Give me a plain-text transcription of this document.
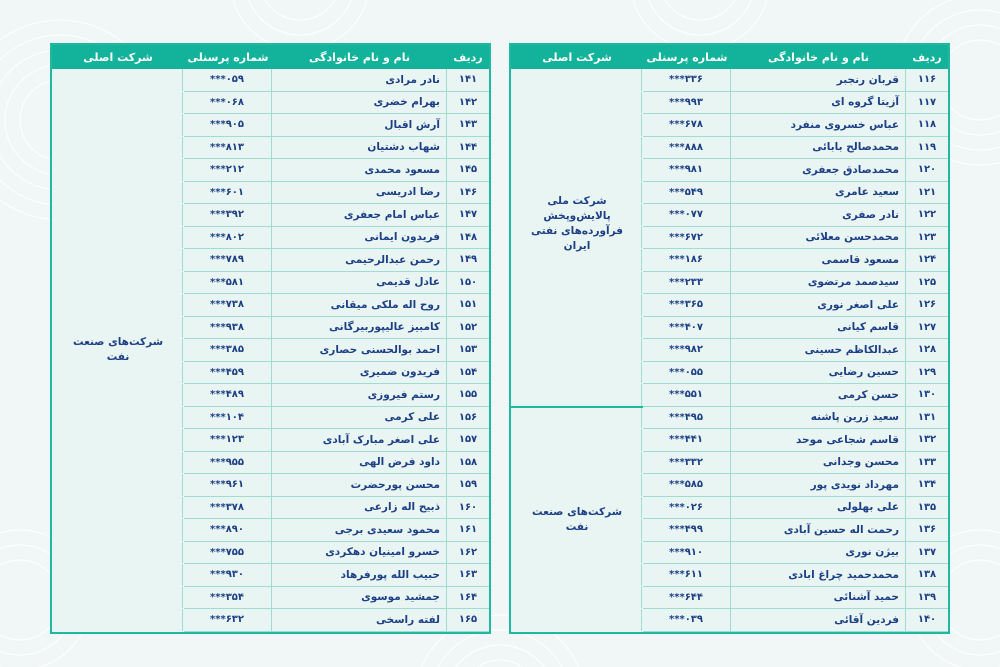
ردیف
نام و نام خانوادگی
شماره پرسنلی
شرکت اصلی
۱۱۶
قربان رنجبر
***۳۳۶
۱۱۷
آزیتا گروه ای
***۹۹۳
۱۱۸
عباس خسروی منفرد
***۶۷۸
۱۱۹
محمدصالح بابائی
***۸۸۸
۱۲۰
محمدصادق جعفری
***۹۸۱
۱۲۱
سعید عامری
***۵۴۹
۱۲۲
نادر صفری
***۰۷۷
۱۲۳
محمدحسن معلائی
***۶۷۲
۱۲۴
مسعود قاسمی
***۱۸۶
۱۲۵
سیدصمد مرتضوی
***۲۳۳
۱۲۶
علی اصغر نوری
***۳۶۵
۱۲۷
قاسم کیانی
***۴۰۷
۱۲۸
عبدالکاظم حسینی
***۹۸۲
۱۲۹
حسین رضایی
***۰۵۵
۱۳۰
حسن کرمی
***۵۵۱
۱۳۱
سعید زرین پاشنه
***۴۹۵
۱۳۲
قاسم شجاعی موحد
***۴۴۱
۱۳۳
محسن وجدانی
***۳۳۲
۱۳۴
مهرداد نویدی پور
***۵۸۵
۱۳۵
علی بهلولی
***۰۲۶
۱۳۶
رحمت اله حسین آبادی
***۴۹۹
۱۳۷
بیژن نوری
***۹۱۰
۱۳۸
محمدحمید چراغ ابادی
***۶۱۱
۱۳۹
حمید آشنائی
***۶۴۴
۱۴۰
فردین آقائی
***۰۳۹
شرکت ملی پالایش‌وپخش فرآورده‌های نفتی ایران
شرکت‌های صنعت نفت
ردیف
نام و نام خانوادگی
شماره پرسنلی
شرکت اصلی
۱۴۱
نادر مرادی
***۰۵۹
۱۴۲
بهرام خضری
***۰۶۸
۱۴۳
آرش اقبال
***۹۰۵
۱۴۴
شهاب دشتیان
***۸۱۳
۱۴۵
مسعود محمدی
***۲۱۲
۱۴۶
رضا ادریسی
***۶۰۱
۱۴۷
عباس امام جعفری
***۳۹۲
۱۴۸
فریدون ایمانی
***۸۰۲
۱۴۹
رحمن عبدالرحیمی
***۷۸۹
۱۵۰
عادل قدیمی
***۵۸۱
۱۵۱
روح اله ملکی میقانی
***۷۳۸
۱۵۲
کامبیز عالیپوربیرگانی
***۹۳۸
۱۵۳
احمد بوالحسنی حصاری
***۳۸۵
۱۵۴
فریدون ضمیری
***۴۵۹
۱۵۵
رستم فیروزی
***۴۸۹
۱۵۶
علی کرمی
***۱۰۴
۱۵۷
علی اصغر مبارک آبادی
***۱۲۳
۱۵۸
داود فرض الهی
***۹۵۵
۱۵۹
محسن پورحضرت
***۹۶۱
۱۶۰
ذبیح اله زارعی
***۳۷۸
۱۶۱
محمود سعیدی برجی
***۸۹۰
۱۶۲
خسرو امینیان دهکردی
***۷۵۵
۱۶۳
حبیب الله پورفرهاد
***۹۳۰
۱۶۴
جمشید موسوی
***۳۵۴
۱۶۵
لفته راسخی
***۶۳۲
شرکت‌های صنعت نفت
